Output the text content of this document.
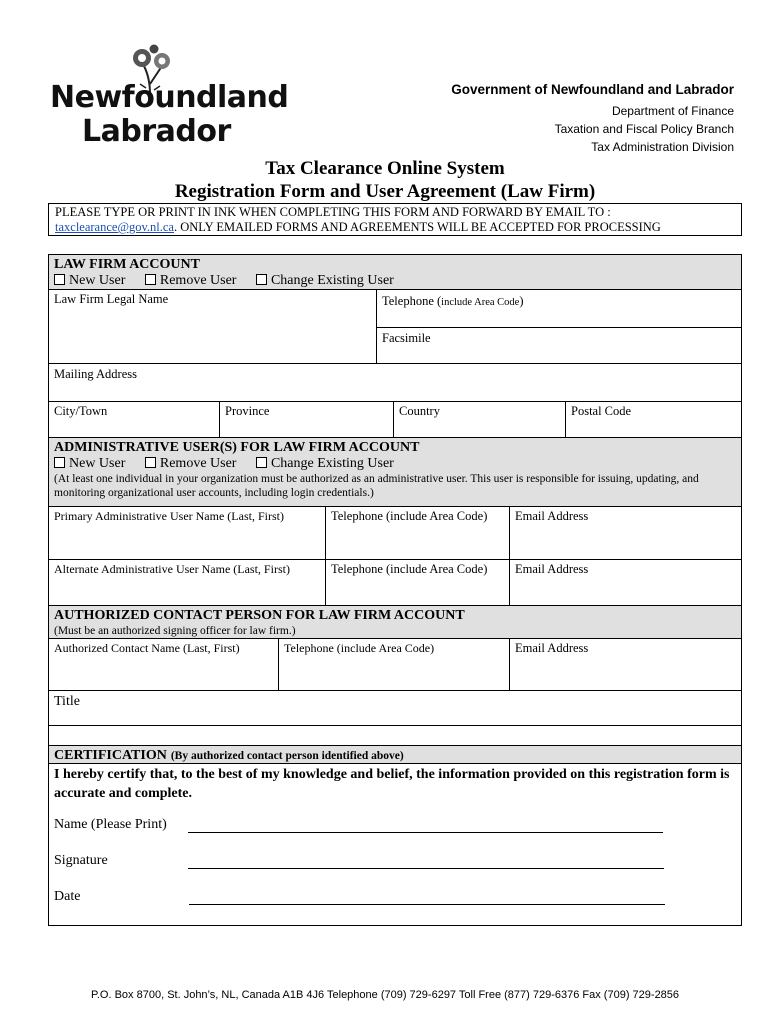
Newfoundland
Labrador
Government of Newfoundland and Labrador
Department of Finance
Taxation and Fiscal Policy Branch
Tax Administration Division
Tax Clearance Online System
Registration Form and User Agreement (Law Firm)
PLEASE TYPE OR PRINT IN INK WHEN COMPLETING THIS FORM AND FORWARD BY EMAIL TO :
taxclearance@gov.nl.ca. ONLY EMAILED FORMS AND AGREEMENTS WILL BE ACCEPTED FOR PROCESSING
LAW FIRM ACCOUNT
New User Remove User Change Existing User
Law Firm Legal Name	Telephone (include Area Code)
Facsimile
Mailing Address
City/Town	Province	Country	Postal Code
ADMINISTRATIVE USER(S) FOR LAW FIRM ACCOUNT
New User Remove User Change Existing User
(At least one individual in your organization must be authorized as an administrative user. This user is responsible for issuing, updating, and monitoring organizational user accounts, including login credentials.)
Primary Administrative User Name (Last, First)	Telephone (include Area Code)	Email Address
Alternate Administrative User Name (Last, First)	Telephone (include Area Code)	Email Address
AUTHORIZED CONTACT PERSON FOR LAW FIRM ACCOUNT
(Must be an authorized signing officer for law firm.)
Authorized Contact Name (Last, First)	Telephone (include Area Code)	Email Address
Title
CERTIFICATION (By authorized contact person identified above)
I hereby certify that, to the best of my knowledge and belief, the information provided on this registration form is accurate and complete.
Name (Please Print)
Signature
Date
P.O. Box 8700, St. John’s, NL, Canada A1B 4J6 Telephone (709) 729-6297 Toll Free (877) 729-6376 Fax (709) 729-2856
